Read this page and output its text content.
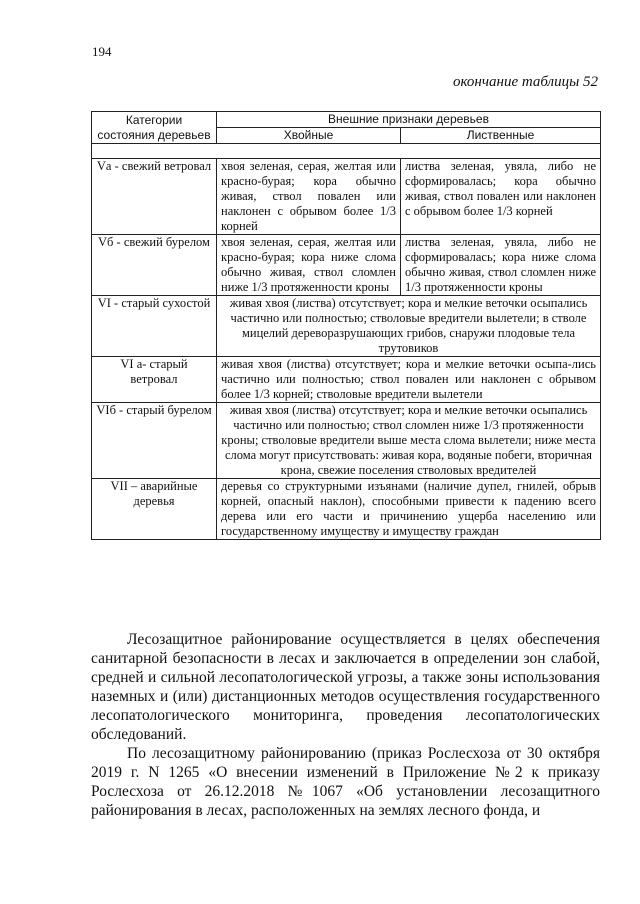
194
окончание таблицы 52
Категории состояния деревьев	Внешние признаки деревьев	
	Хвойные	Лиственные

Vа - свежий ветровал	хвоя зеленая, серая, желтая или красно-бурая; кора обычно живая, ствол повален или наклонен с обрывом более 1/3 корней	листва зеленая, увяла, либо не сформировалась; кора обычно живая, ствол повален или наклонен с обрывом более 1/3 корней
Vб - свежий бурелом	хвоя зеленая, серая, желтая или красно-бурая; кора ниже слома обычно живая, ствол сломлен ниже 1/3 протяженности кроны	листва зеленая, увяла, либо не сформировалась; кора ниже слома обычно живая, ствол сломлен ниже 1/3 протяженности кроны
VI - старый сухостой	живая хвоя (листва) отсутствует; кора и мелкие веточки осыпались частично или полностью; стволовые вредители вылетели; в стволе мицелий дереворазрушающих грибов, снаружи плодовые тела трутовиков	
VI а- старый ветровал	живая хвоя (листва) отсутствует; кора и мелкие веточки осыпа-лись частично или полностью; ствол повален или наклонен с обрывом более 1/3 корней; стволовые вредители вылетели	
VIб - старый бурелом	живая хвоя (листва) отсутствует; кора и мелкие веточки осыпались частично или полностью; ствол сломлен ниже 1/3 протяженности кроны; стволовые вредители выше места слома вылетели; ниже места слома могут присутствовать: живая кора, водяные побеги, вторичная крона, свежие поселения стволовых вредителей	
VII – аварийные деревья	деревья со структурными изъянами (наличие дупел, гнилей, обрыв корней, опасный наклон), способными привести к падению всего дерева или его части и причинению ущерба населению или государственному имуществу и имуществу граждан	

Лесозащитное районирование осуществляется в целях обеспечения санитарной безопасности в лесах и заключается в определении зон слабой, средней и сильной лесопатологической угрозы, а также зоны использования наземных и (или) дистанционных методов осуществления государственного лесопатологического мониторинга, проведения лесопатологических обследований.

По лесозащитному районированию (приказ Рослесхоза от 30 октября 2019 г. N 1265 «О внесении изменений в Приложение №2 к приказу Рослесхоза от 26.12.2018 №1067 «Об установлении лесозащитного районирования в лесах, расположенных на землях лесного фонда, и
